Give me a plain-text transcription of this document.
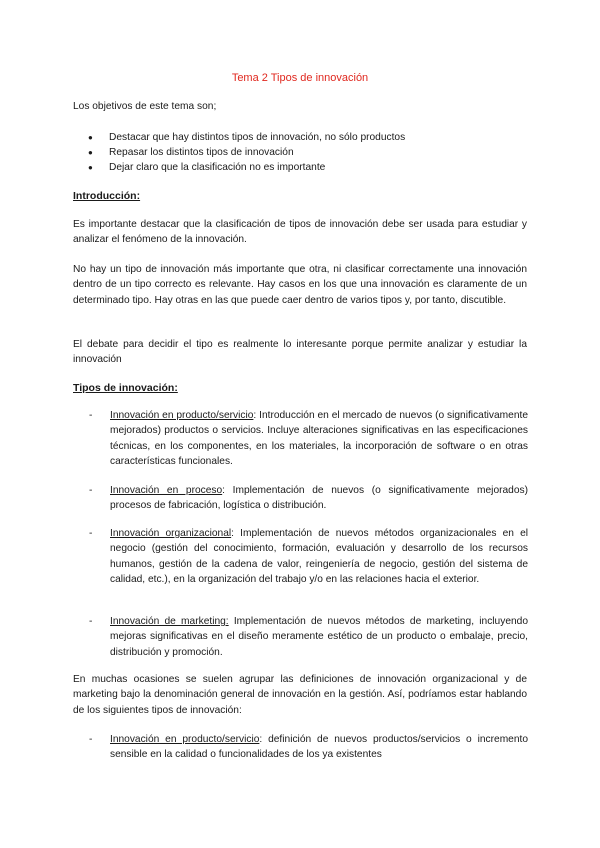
Tema 2 Tipos de innovación

Los objetivos de este tema son;

● Destacar que hay distintos tipos de innovación, no sólo productos
● Repasar los distintos tipos de innovación
● Dejar claro que la clasificación no es importante

Introducción:

Es importante destacar que la clasificación de tipos de innovación debe ser usada para estudiar y analizar el fenómeno de la innovación.

No hay un tipo de innovación más importante que otra, ni clasificar correctamente una innovación dentro de un tipo correcto es relevante. Hay casos en los que una innovación es claramente de un determinado tipo. Hay otras en las que puede caer dentro de varios tipos y, por tanto, discutible.

El debate para decidir el tipo es realmente lo interesante porque permite analizar y estudiar la innovación

Tipos de innovación:

- Innovación en producto/servicio: Introducción en el mercado de nuevos (o significativamente mejorados) productos o servicios. Incluye alteraciones significativas en las especificaciones técnicas, en los componentes, en los materiales, la incorporación de software o en otras características funcionales.
- Innovación en proceso: Implementación de nuevos (o significativamente mejorados) procesos de fabricación, logística o distribución.
- Innovación organizacional: Implementación de nuevos métodos organizacionales en el negocio (gestión del conocimiento, formación, evaluación y desarrollo de los recursos humanos, gestión de la cadena de valor, reingeniería de negocio, gestión del sistema de calidad, etc.), en la organización del trabajo y/o en las relaciones hacia el exterior.
- Innovación de marketing: Implementación de nuevos métodos de marketing, incluyendo mejoras significativas en el diseño meramente estético de un producto o embalaje, precio, distribución y promoción.

En muchas ocasiones se suelen agrupar las definiciones de innovación organizacional y de marketing bajo la denominación general de innovación en la gestión. Así, podríamos estar hablando de los siguientes tipos de innovación:

- Innovación en producto/servicio: definición de nuevos productos/servicios o incremento sensible en la calidad o funcionalidades de los ya existentes
